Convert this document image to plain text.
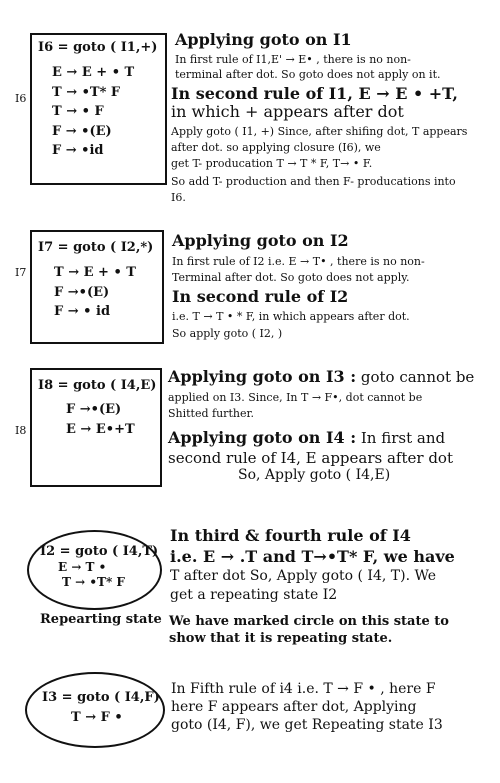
I6
I6 = goto ( I1,+)
E → E + • T
T → •T* F
T → • F
F → •(E)
F → •id
Applying goto on I1
In first rule of I1,E' → E• , there is no non-
terminal after dot. So goto does not apply on it.
In second rule of I1, E → E • +T,
in which + appears after dot
Apply goto ( I1, +) Since, after shifing dot, T appears
after dot. so applying closure (I6), we
get T- producation T → T * F, T→ • F.
So add T- production and then F- producations into
I6.
I7
I7 = goto ( I2,*)
T → E + • T
F →•(E)
F → • id
Applying goto on I2
In first rule of I2 i.e. E → T• , there is no non-
Terminal after dot. So goto does not apply.
In second rule of I2
i.e. T → T • * F, in which appears after dot.
So apply goto ( I2, )
I8
I8 = goto ( I4,E)
F →•(E)
E → E•+T
Applying goto on I3 : goto cannot be
applied on I3. Since, In T → F•, dot cannot be
Shitted further.
Applying goto on I4 : In first and
second rule of I4, E appears after dot
So, Apply goto ( I4,E)
I2 = goto ( I4,T)
E → T •
T → •T* F
Repearting state
In third & fourth rule of I4
i.e. E → .T and T→•T* F, we have
T after dot So, Apply goto ( I4, T). We
get a repeating state I2
We have marked circle on this state to
show that it is repeating state.
I3 = goto ( I4,F)
T → F •
In Fifth rule of i4 i.e. T → F • , here F
here F appears after dot, Applying
goto (I4, F), we get Repeating state I3
